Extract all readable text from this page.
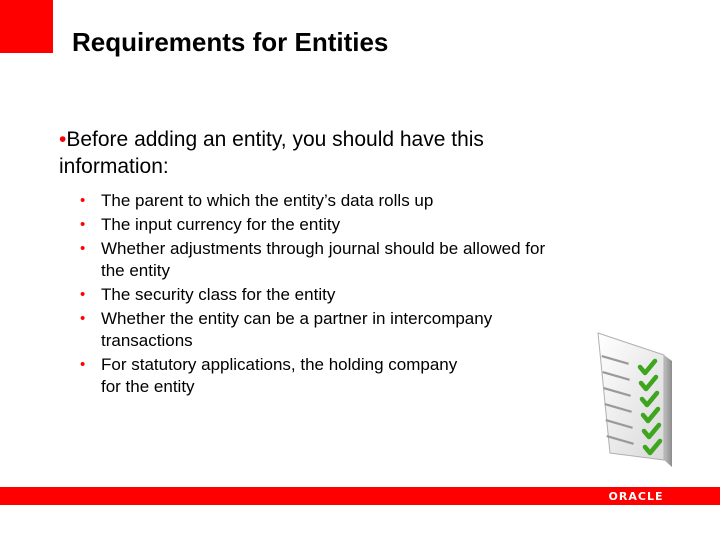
Requirements for Entities
•Before adding an entity, you should have this
information:
• The parent to which the entity’s data rolls up
• The input currency for the entity
• Whether adjustments through journal should be allowed for
the entity
• The security class for the entity
• Whether the entity can be a partner in intercompany
transactions
• For statutory applications, the holding company
for the entity
ORACLE
